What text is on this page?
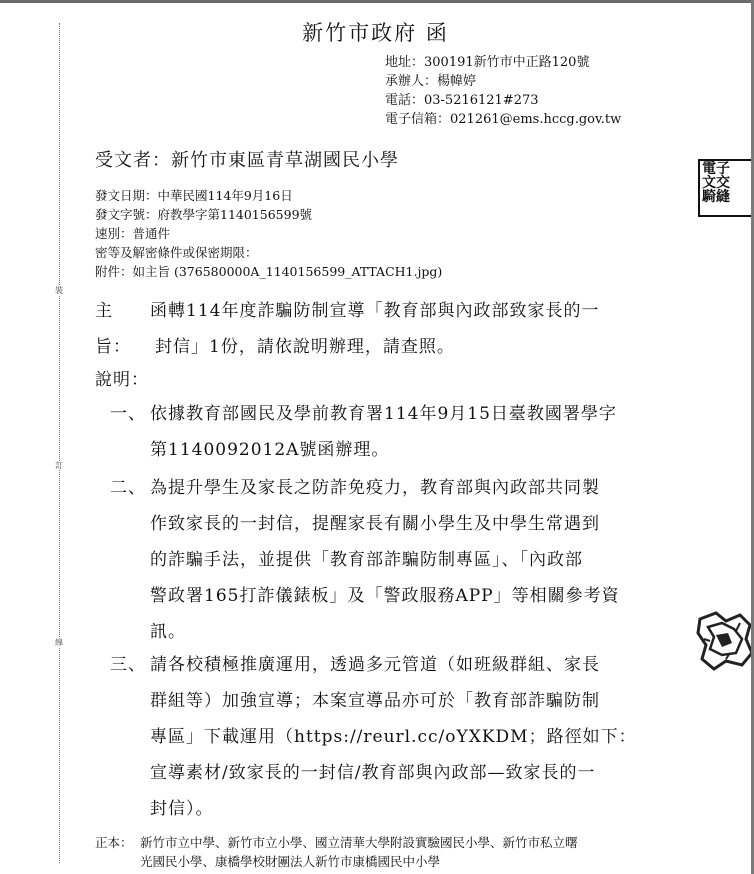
裝
訂
線
新竹市政府 函
地址：300191新竹市中正路120號
承辦人：楊幃婷
電話：03-5216121#273
電子信箱：021261@ems.hccg.gov.tw
受文者：新竹市東區青草湖國民小學
發文日期：中華民國114年9月16日
發文字號：府教學字第1140156599號
速別：普通件
密等及解密條件或保密期限：
附件：如主旨 (376580000A_1140156599_ATTACH1.jpg)
主旨：
函轉114年度詐騙防制宣導「教育部與內政部致家長的一
封信」1份，請依說明辦理，請查照。
說明：
一、 依據教育部國民及學前教育署114年9月15日臺教國署學字
第1140092012A號函辦理。
二、 為提升學生及家長之防詐免疫力，教育部與內政部共同製
作致家長的一封信，提醒家長有關小學生及中學生常遇到
的詐騙手法，並提供「教育部詐騙防制專區」、「內政部
警政署165打詐儀錶板」及「警政服務APP」等相關參考資
訊。
三、 請各校積極推廣運用，透過多元管道（如班級群組、家長
群組等）加強宣導；本案宣導品亦可於「教育部詐騙防制
專區」下載運用（https://reurl.cc/oYXKDM；路徑如下：
宣導素材/致家長的一封信/教育部與內政部—致家長的一
封信）。
正本： 新竹市立中學、新竹市立小學、國立清華大學附設實驗國民小學、新竹市私立曙
光國民小學、康橋學校財團法人新竹市康橋國民中小學
電子
文交
騎縫
